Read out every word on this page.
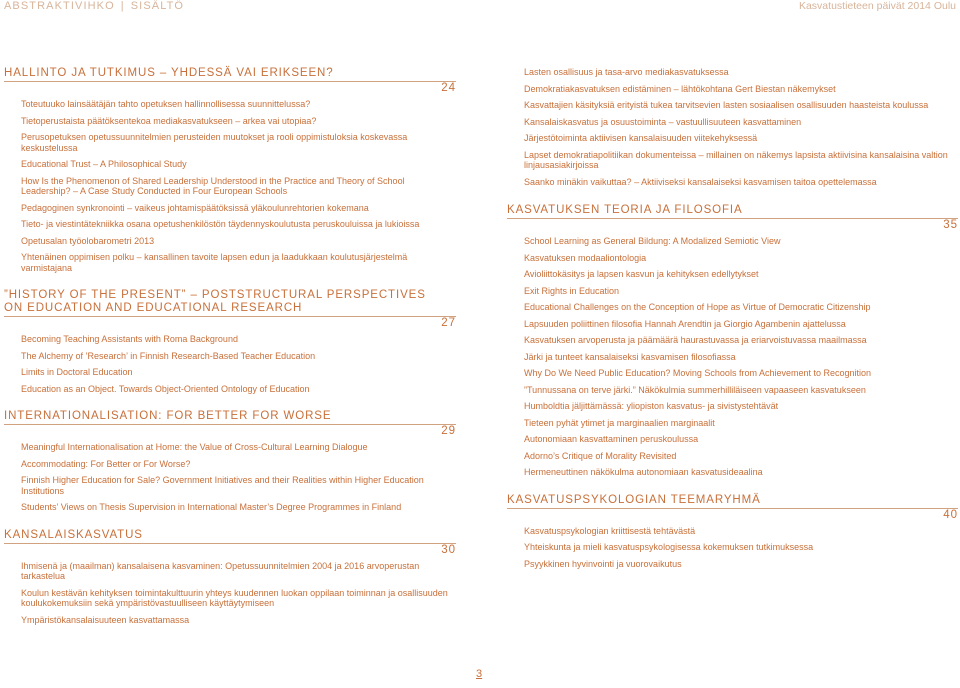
ABSTRAKTIVIHKO | SISÄLTÖ	Kasvatustieteen päivät 2014 Oulu
HALLINTO JA TUTKIMUS – YHDESSÄ VAI ERIKSEEN?
24

Toteutuuko lainsäätäjän tahto opetuksen hallinnollisessa suunnittelussa?

Tietoperustaista päätöksentekoa mediakasvatukseen – arkea vai utopiaa?

Perusopetuksen opetussuunnitelmien perusteiden muutokset ja rooli oppimistuloksia koskevassa keskustelussa

Educational Trust – A Philosophical Study

How Is the Phenomenon of Shared Leadership Understood in the Practice and Theory of School Leadership? – A Case Study Conducted in Four European Schools

Pedagoginen synkronointi – vaikeus johtamispäätöksissä yläkoulunrehtorien kokemana

Tieto- ja viestintätekniikka osana opetushenkilöstön täydennyskoulutusta peruskouluissa ja lukioissa

Opetusalan työolobarometri 2013

Yhtenäinen oppimisen polku – kansallinen tavoite lapsen edun ja laadukkaan koulutusjärjestelmä varmistajana

”HISTORY OF THE PRESENT” – POSTSTRUCTURAL PERSPECTIVES ON EDUCATION AND EDUCATIONAL RESEARCH
27

Becoming Teaching Assistants with Roma Background

The Alchemy of ’Research’ in Finnish Research-Based Teacher Education

Limits in Doctoral Education

Education as an Object. Towards Object-Oriented Ontology of Education

INTERNATIONALISATION: FOR BETTER FOR WORSE
29

Meaningful Internationalisation at Home: the Value of Cross-Cultural Learning Dialogue

Accommodating: For Better or For Worse?

Finnish Higher Education for Sale? Government Initiatives and their Realities within Higher Education Institutions

Students’ Views on Thesis Supervision in International Master’s Degree Programmes in Finland

KANSALAISKASVATUS
30

Ihmisenä ja (maailman) kansalaisena kasvaminen: Opetussuunnitelmien 2004 ja 2016 arvoperustan tarkastelua

Koulun kestävän kehityksen toimintakulttuurin yhteys kuudennen luokan oppilaan toiminnan ja osallisuuden koulukokemuksiin sekä ympäristövastuulliseen käyttäytymiseen

Ympäristökansalaisuuteen kasvattamassa

Lasten osallisuus ja tasa-arvo mediakasvatuksessa

Demokratiakasvatuksen edistäminen – lähtökohtana Gert Biestan näkemykset

Kasvattajien käsityksiä erityistä tukea tarvitsevien lasten sosiaalisen osallisuuden haasteista koulussa

Kansalaiskasvatus ja osuustoiminta – vastuullisuuteen kasvattaminen

Järjestötoiminta aktiivisen kansalaisuuden viitekehyksessä

Lapset demokratiapolitiikan dokumenteissa – millainen on näkemys lapsista aktiivisina kansalaisina valtion linjausasiakirjoissa

Saanko minäkin vaikuttaa? – Aktiiviseksi kansalaiseksi kasvamisen taitoa opettelemassa

KASVATUKSEN TEORIA JA FILOSOFIA
35

School Learning as General Bildung: A Modalized Semiotic View

Kasvatuksen modaaliontologia

Avioliittokäsitys ja lapsen kasvun ja kehityksen edellytykset

Exit Rights in Education

Educational Challenges on the Conception of Hope as Virtue of Democratic Citizenship

Lapsuuden poliittinen filosofia Hannah Arendtin ja Giorgio Agambenin ajattelussa

Kasvatuksen arvoperusta ja päämäärä haurastuvassa ja eriarvoistuvassa maailmassa

Järki ja tunteet kansalaiseksi kasvamisen filosofiassa

Why Do We Need Public Education? Moving Schools from Achievement to Recognition

”Tunnussana on terve järki.” Näkökulmia summerhilliläiseen vapaaseen kasvatukseen

Humboldtia jäljittämässä: yliopiston kasvatus- ja sivistystehtävät

Tieteen pyhät ytimet ja marginaalien marginaalit

Autonomiaan kasvattaminen peruskoulussa

Adorno’s Critique of Morality Revisited

Hermeneuttinen näkökulma autonomiaan kasvatusideaalina

KASVATUSPSYKOLOGIAN TEEMARYHMÄ
40

Kasvatuspsykologian kriittisestä tehtävästä

Yhteiskunta ja mieli kasvatuspsykologisessa kokemuksen tutkimuksessa

Psyykkinen hyvinvointi ja vuorovaikutus

3
